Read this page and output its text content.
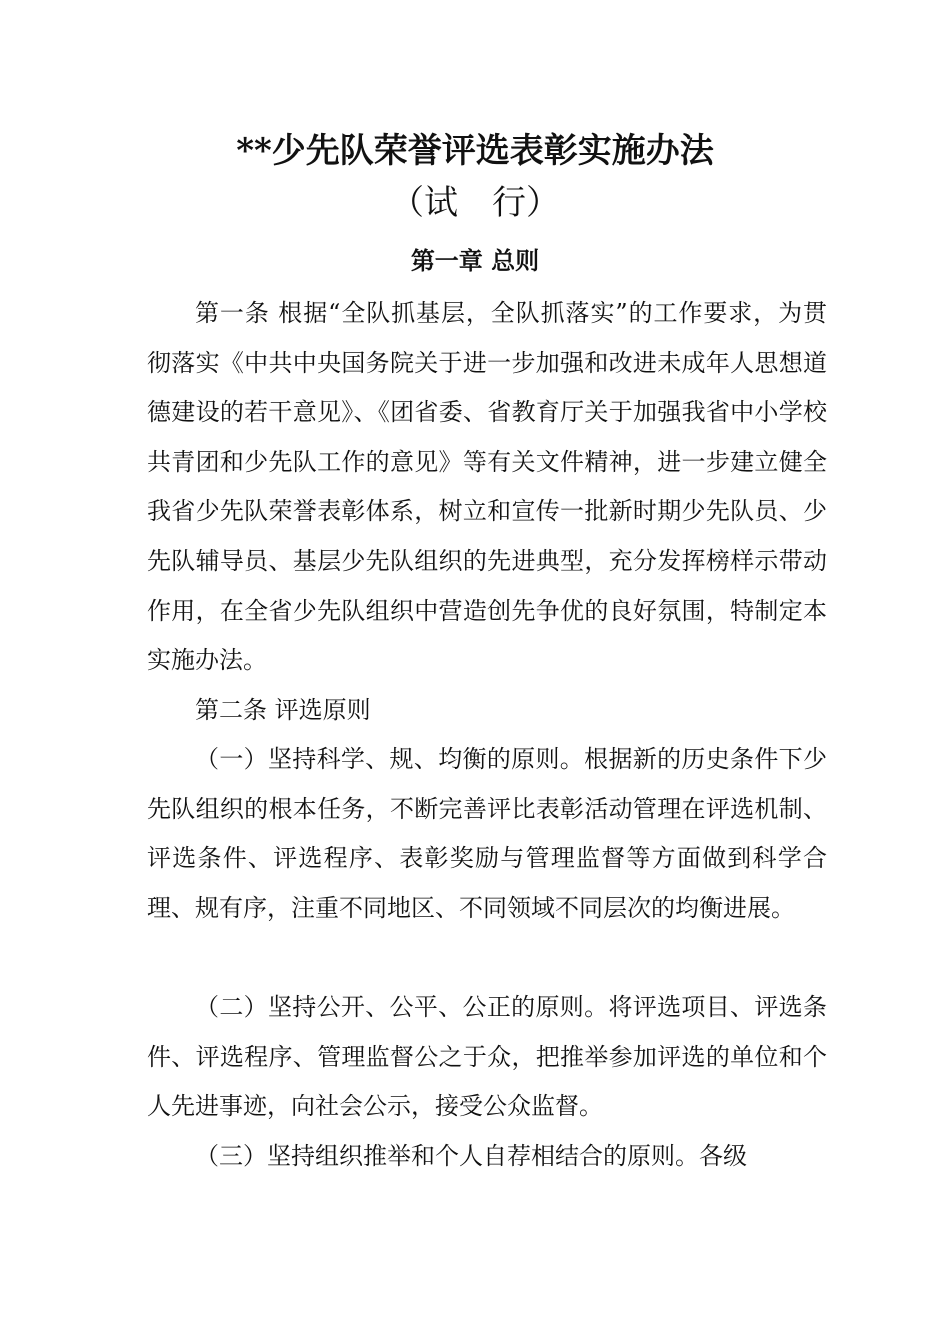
**少先队荣誉评选表彰实施办法
（试　行）
第一章 总则
第一条 根据“全队抓基层，全队抓落实”的工作要求，为贯彻落实《中共中央国务院关于进一步加强和改进未成年人思想道德建设的若干意见》、《团省委、省教育厅关于加强我省中小学校共青团和少先队工作的意见》等有关文件精神，进一步建立健全我省少先队荣誉表彰体系，树立和宣传一批新时期少先队员、少先队辅导员、基层少先队组织的先进典型，充分发挥榜样示带动作用，在全省少先队组织中营造创先争优的良好氛围，特制定本实施办法。
第二条 评选原则
（一）坚持科学、规、均衡的原则。根据新的历史条件下少先队组织的根本任务，不断完善评比表彰活动管理在评选机制、评选条件、评选程序、表彰奖励与管理监督等方面做到科学合理、规有序，注重不同地区、不同领域不同层次的均衡进展。
（二）坚持公开、公平、公正的原则。将评选项目、评选条件、评选程序、管理监督公之于众，把推举参加评选的单位和个人先进事迹，向社会公示，接受公众监督。
（三）坚持组织推举和个人自荐相结合的原则。各级
